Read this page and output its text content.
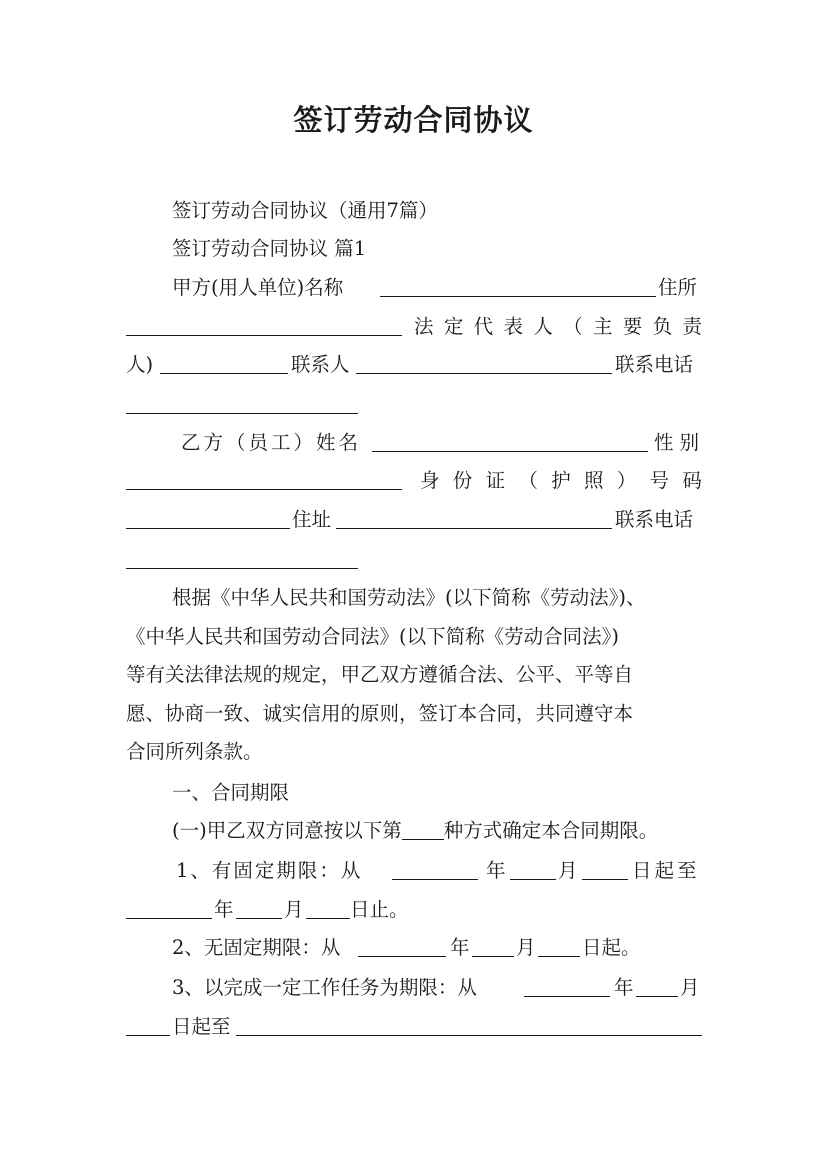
签订劳动合同协议
签订劳动合同协议（通用7篇）
签订劳动合同协议 篇1
甲方(用人单位)名称	住所
法 定 代 表 人 （ 主 要 负 责
人)	联系人	联系电话
乙方（员工）姓名	性别
身 份 证 （ 护 照 ） 号 码
住址	联系电话
根据《中华人民共和国劳动法》(以下简称《劳动法》)、
《中华人民共和国劳动合同法》(以下简称《劳动合同法》)
等有关法律法规的规定，甲乙双方遵循合法、公平、平等自
愿、协商一致、诚实信用的原则，签订本合同，共同遵守本
合同所列条款。
一、合同期限
(一)甲乙双方同意按以下第 种方式确定本合同期限。
1、有固定期限：从	年	月	日起至
年	月 日止。
2、无固定期限：从	年 月 日起。
3、以完成一定工作任务为期限：从	年 月
日起至
